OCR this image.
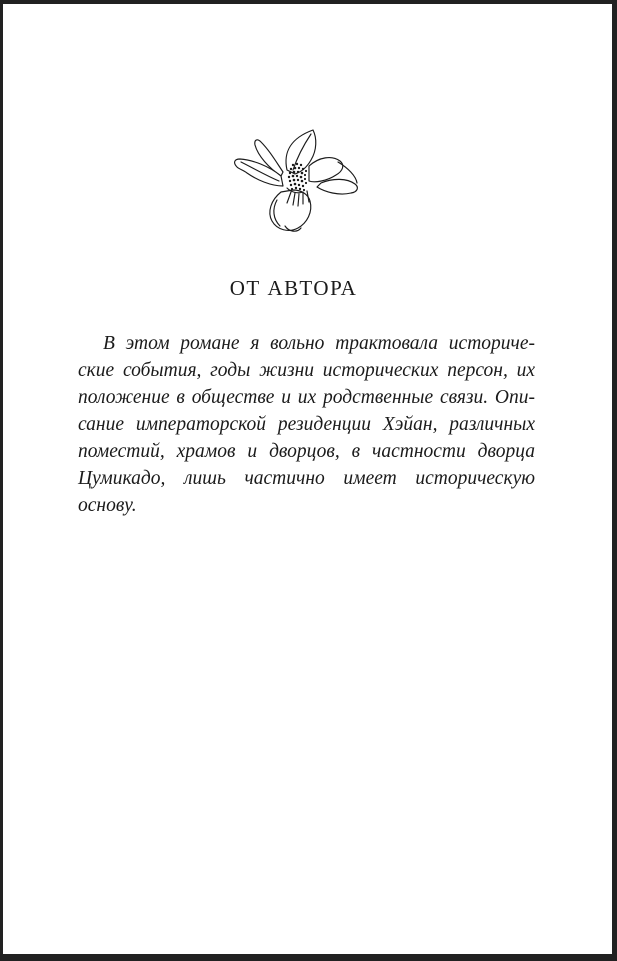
ОТ АВТОРА
В этом романе я вольно трактовала историче-
ские события, годы жизни исторических персон, их
положение в обществе и их родственные связи. Опи-
сание императорской резиденции Хэйан, различных
поместий, храмов и дворцов, в частности дворца
Цумикадо, лишь частично имеет историческую
основу.
